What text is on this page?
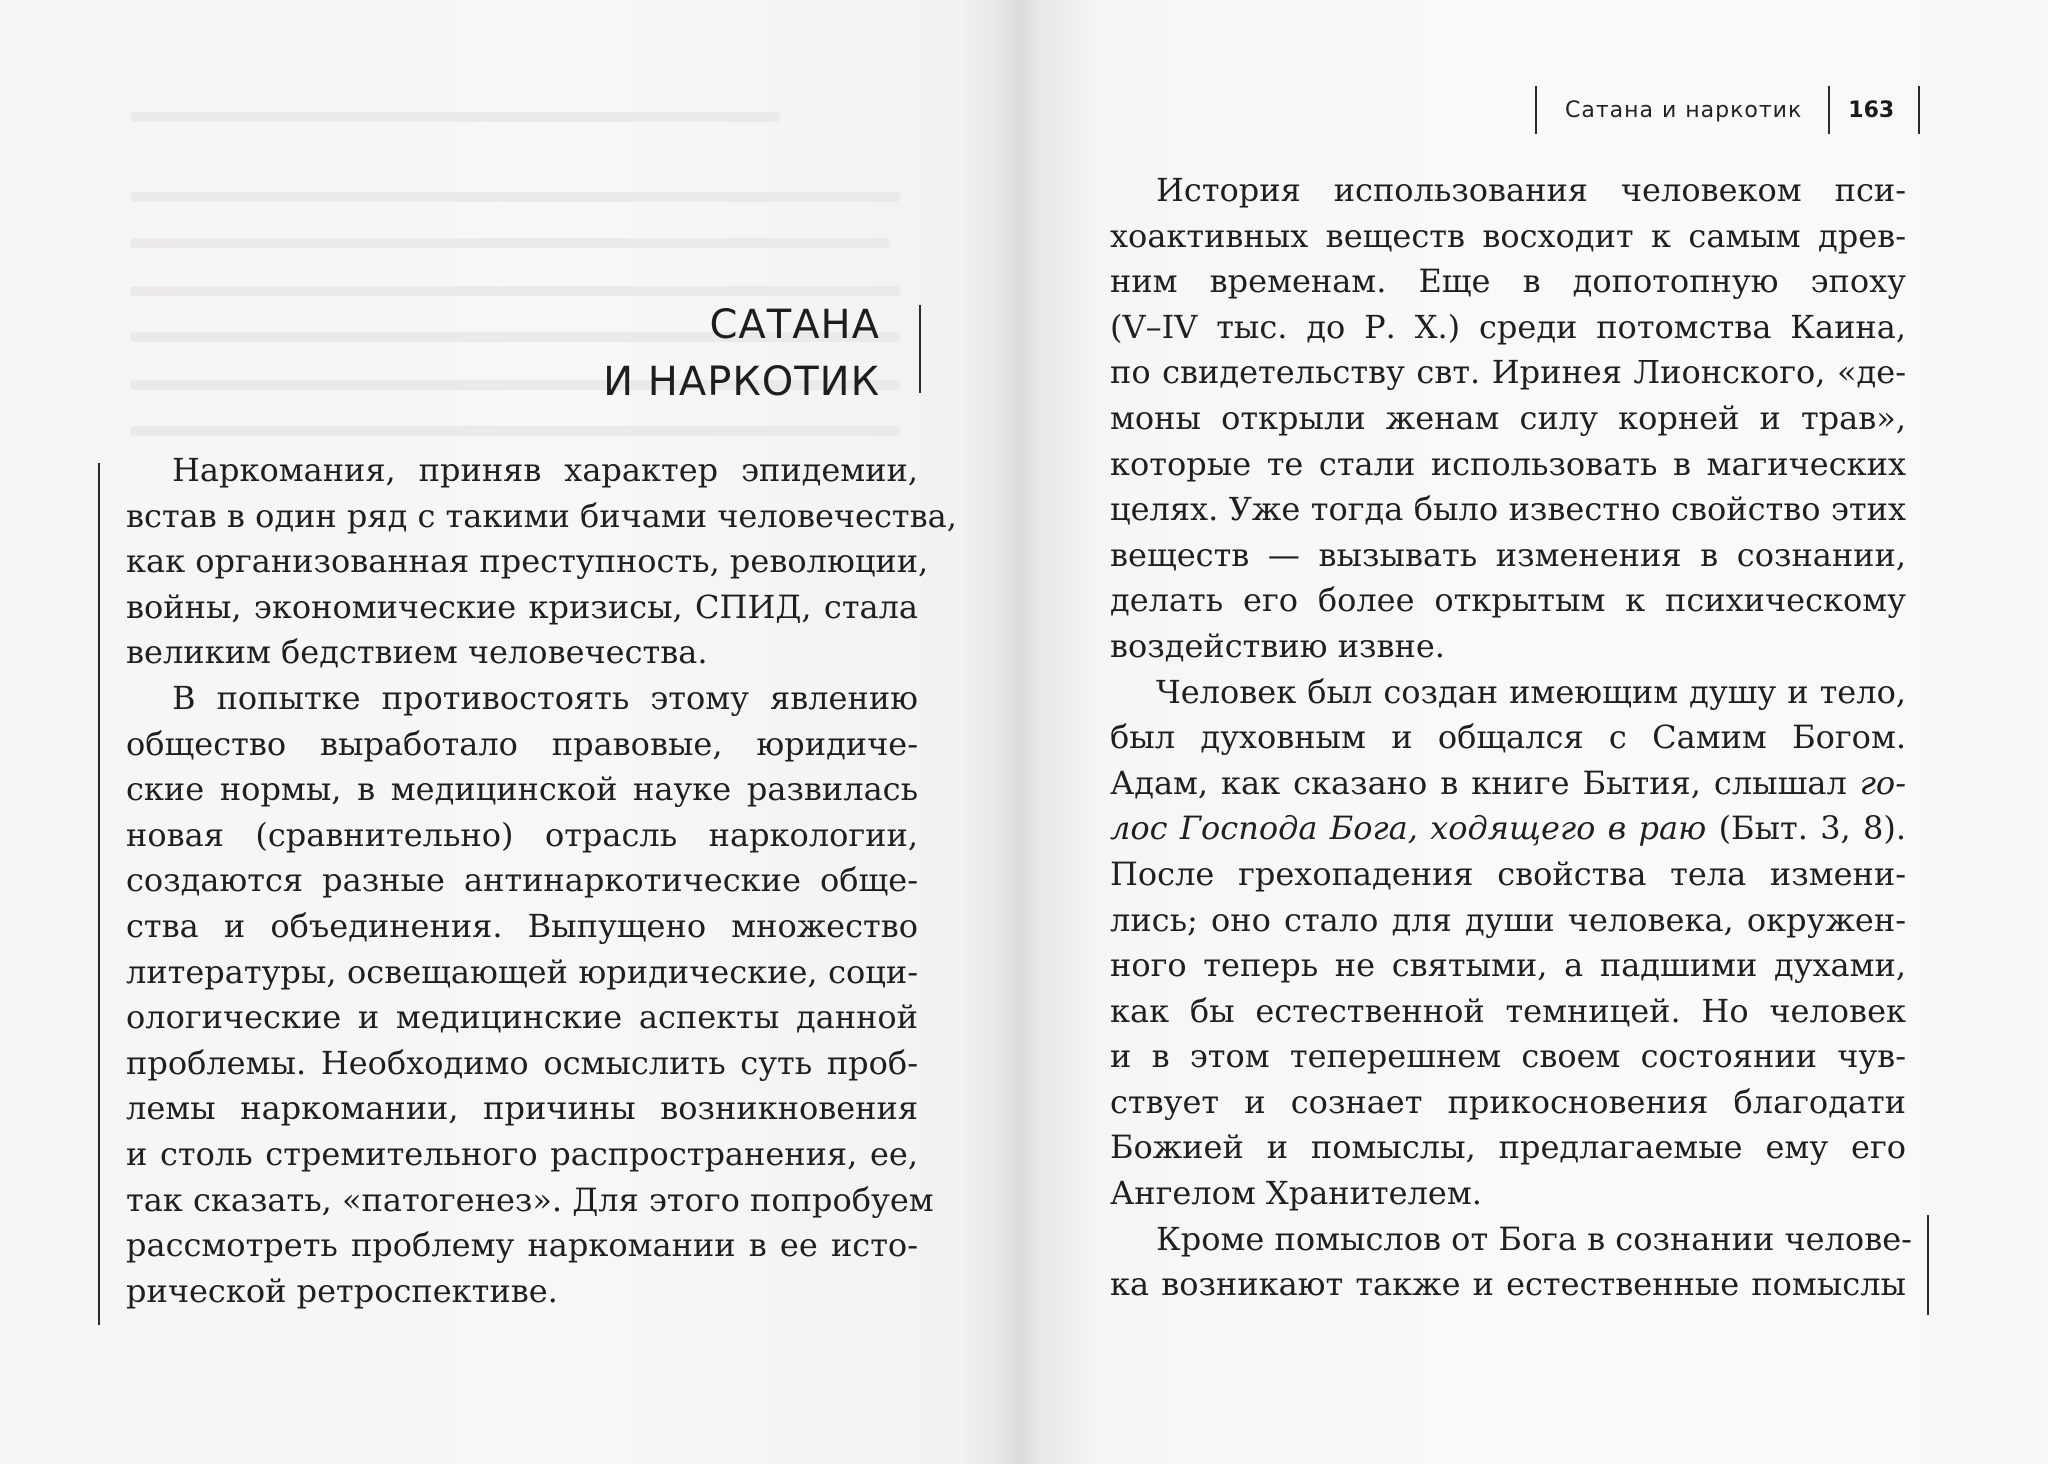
САТАНА
И НАРКОТИК
Наркомания, приняв характер эпидемии,
встав в один ряд с такими бичами человечества,
как организованная преступность, революции,
войны, экономические кризисы, СПИД, стала
великим бедствием человечества.
В попытке противостоять этому явлению
общество выработало правовые, юридиче-
ские нормы, в медицинской науке развилась
новая (сравнительно) отрасль наркологии,
создаются разные антинаркотические обще-
ства и объединения. Выпущено множество
литературы, освещающей юридические, соци-
ологические и медицинские аспекты данной
проблемы. Необходимо осмыслить суть проб-
лемы наркомании, причины возникновения
и столь стремительного распространения, ее,
так сказать, «патогенез». Для этого попробуем
рассмотреть проблему наркомании в ее исто-
рической ретроспективе.
Сатана и наркотик	163
История использования человеком пси-
хоактивных веществ восходит к самым древ-
ним временам. Еще в допотопную эпоху
(V–IV тыс. до Р. Х.) среди потомства Каина,
по свидетельству свт. Иринея Лионского, «де-
моны открыли женам силу корней и трав»,
которые те стали использовать в магических
целях. Уже тогда было известно свойство этих
веществ — вызывать изменения в сознании,
делать его более открытым к психическому
воздействию извне.
Человек был создан имеющим душу и тело,
был духовным и общался с Самим Богом.
Адам, как сказано в книге Бытия, слышал го-
лос Господа Бога, ходящего в раю (Быт. 3, 8).
После грехопадения свойства тела измени-
лись; оно стало для души человека, окружен-
ного теперь не святыми, а падшими духами,
как бы естественной темницей. Но человек
и в этом теперешнем своем состоянии чув-
ствует и сознает прикосновения благодати
Божией и помыслы, предлагаемые ему его
Ангелом Хранителем.
Кроме помыслов от Бога в сознании челове-
ка возникают также и естественные помыслы
